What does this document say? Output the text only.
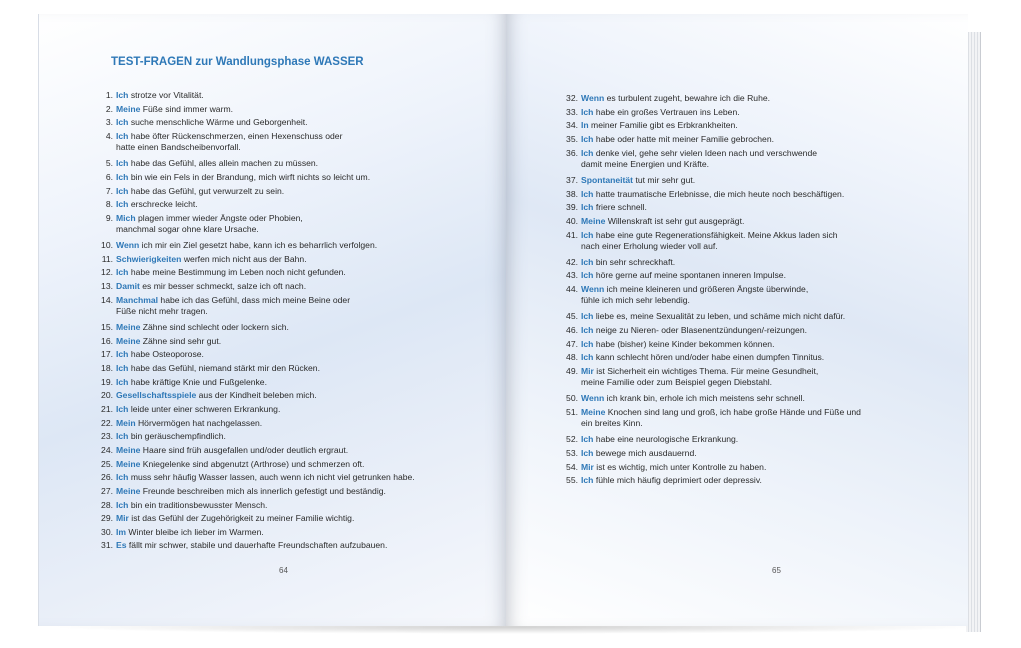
TEST-FRAGEN zur Wandlungsphase WASSER
1. Ich strotze vor Vitalität.
2. Meine Füße sind immer warm.
3. Ich suche menschliche Wärme und Geborgenheit.
4. Ich habe öfter Rückenschmerzen, einen Hexenschuss oder
hatte einen Bandscheibenvorfall.
5. Ich habe das Gefühl, alles allein machen zu müssen.
6. Ich bin wie ein Fels in der Brandung, mich wirft nichts so leicht um.
7. Ich habe das Gefühl, gut verwurzelt zu sein.
8. Ich erschrecke leicht.
9. Mich plagen immer wieder Ängste oder Phobien,
manchmal sogar ohne klare Ursache.
10. Wenn ich mir ein Ziel gesetzt habe, kann ich es beharrlich verfolgen.
11. Schwierigkeiten werfen mich nicht aus der Bahn.
12. Ich habe meine Bestimmung im Leben noch nicht gefunden.
13. Damit es mir besser schmeckt, salze ich oft nach.
14. Manchmal habe ich das Gefühl, dass mich meine Beine oder
Füße nicht mehr tragen.
15. Meine Zähne sind schlecht oder lockern sich.
16. Meine Zähne sind sehr gut.
17. Ich habe Osteoporose.
18. Ich habe das Gefühl, niemand stärkt mir den Rücken.
19. Ich habe kräftige Knie und Fußgelenke.
20. Gesellschaftsspiele aus der Kindheit beleben mich.
21. Ich leide unter einer schweren Erkrankung.
22. Mein Hörvermögen hat nachgelassen.
23. Ich bin geräuschempfindlich.
24. Meine Haare sind früh ausgefallen und/oder deutlich ergraut.
25. Meine Kniegelenke sind abgenutzt (Arthrose) und schmerzen oft.
26. Ich muss sehr häufig Wasser lassen, auch wenn ich nicht viel getrunken habe.
27. Meine Freunde beschreiben mich als innerlich gefestigt und beständig.
28. Ich bin ein traditionsbewusster Mensch.
29. Mir ist das Gefühl der Zugehörigkeit zu meiner Familie wichtig.
30. Im Winter bleibe ich lieber im Warmen.
31. Es fällt mir schwer, stabile und dauerhafte Freundschaften aufzubauen.
64
32. Wenn es turbulent zugeht, bewahre ich die Ruhe.
33. Ich habe ein großes Vertrauen ins Leben.
34. In meiner Familie gibt es Erbkrankheiten.
35. Ich habe oder hatte mit meiner Familie gebrochen.
36. Ich denke viel, gehe sehr vielen Ideen nach und verschwende
damit meine Energien und Kräfte.
37. Spontaneität tut mir sehr gut.
38. Ich hatte traumatische Erlebnisse, die mich heute noch beschäftigen.
39. Ich friere schnell.
40. Meine Willenskraft ist sehr gut ausgeprägt.
41. Ich habe eine gute Regenerationsfähigkeit. Meine Akkus laden sich
nach einer Erholung wieder voll auf.
42. Ich bin sehr schreckhaft.
43. Ich höre gerne auf meine spontanen inneren Impulse.
44. Wenn ich meine kleineren und größeren Ängste überwinde,
fühle ich mich sehr lebendig.
45. Ich liebe es, meine Sexualität zu leben, und schäme mich nicht dafür.
46. Ich neige zu Nieren- oder Blasenentzündungen/-reizungen.
47. Ich habe (bisher) keine Kinder bekommen können.
48. Ich kann schlecht hören und/oder habe einen dumpfen Tinnitus.
49. Mir ist Sicherheit ein wichtiges Thema. Für meine Gesundheit,
meine Familie oder zum Beispiel gegen Diebstahl.
50. Wenn ich krank bin, erhole ich mich meistens sehr schnell.
51. Meine Knochen sind lang und groß, ich habe große Hände und Füße und
ein breites Kinn.
52. Ich habe eine neurologische Erkrankung.
53. Ich bewege mich ausdauernd.
54. Mir ist es wichtig, mich unter Kontrolle zu haben.
55. Ich fühle mich häufig deprimiert oder depressiv.
65
